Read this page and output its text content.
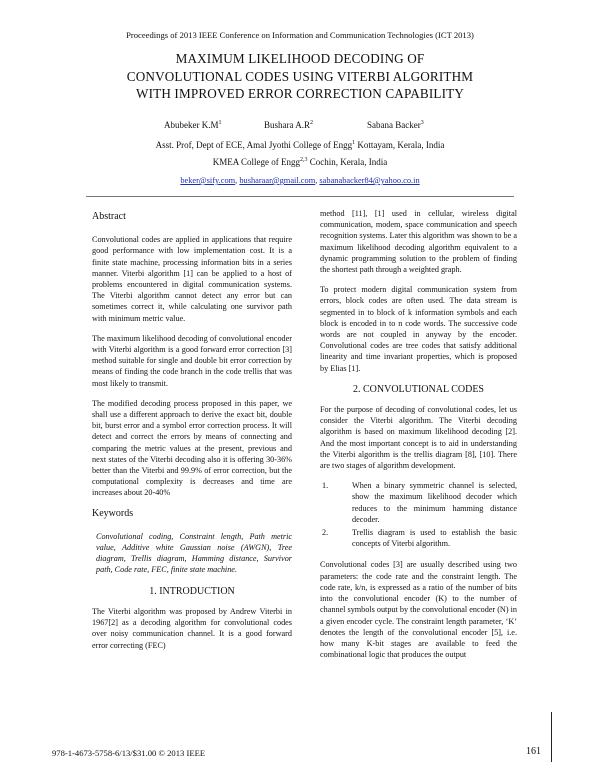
Proceedings of 2013 IEEE Conference on Information and Communication Technologies (ICT 2013)
MAXIMUM LIKELIHOOD DECODING OF
CONVOLUTIONAL CODES USING VITERBI ALGORITHM
WITH IMPROVED ERROR CORRECTION CAPABILITY
Abubeker $K.M^1$	Bushara $A.R^2$	Sabana Backer$^3$
Asst. Prof, Dept of ECE, Amal Jyothi College of Engg$^1$ Kottayam, Kerala, India
KMEA College of Engg$^{2,3}$ Cochin, Kerala, India
beker@sify.com, busharaar@gmail.com, sabanabacker84@yahoo.co.in
Abstract

Convolutional codes are applied in applications that require good performance with low implementation cost. It is a finite state machine, processing information bits in a series manner. Viterbi algorithm [1] can be applied to a host of problems encountered in digital communication systems. The Viterbi algorithm cannot detect any error but can sometimes correct it, while calculating one survivor path with minimum metric value.

The maximum likelihood decoding of convolutional encoder with Viterbi algorithm is a good forward error correction [3] method suitable for single and double bit error correction by means of finding the code branch in the code trellis that was most likely to transmit.

The modified decoding process proposed in this paper, we shall use a different approach to derive the exact bit, double bit, burst error and a symbol error correction process. It will detect and correct the errors by means of connecting and comparing the metric values at the present, previous and next states of the Viterbi decoding also it is offering 30-36% better than the Viterbi and 99.9% of error correction, but the computational complexity is decreases and time are increases about 20-40%

Keywords
Convolutional coding, Constraint length, Path metric value, Additive white Gaussian noise (AWGN), Tree diagram, Trellis diagram, Hamming distance, Survivor path, Code rate, FEC, finite state machine.
1. INTRODUCTION

The Viterbi algorithm was proposed by Andrew Viterbi in 1967[2] as a decoding algorithm for convolutional codes over noisy communication channel. It is a good forward error correcting (FEC)

method [11], [1] used in cellular, wireless digital communication, modem, space communication and speech recognition systems. Later this algorithm was shown to be a maximum likelihood decoding algorithm equivalent to a dynamic programming solution to the problem of finding the shortest path through a weighted graph.

To protect modern digital communication system from errors, block codes are often used. The data stream is segmented in to block of k information symbols and each block is encoded in to n code words. The successive code words are not coupled in anyway by the encoder. Convolutional codes are tree codes that satisfy additional linearity and time invariant properties, which is proposed by Elias [1].

2. CONVOLUTIONAL CODES

For the purpose of decoding of convolutional codes, let us consider the Viterbi algorithm. The Viterbi decoding algorithm is based on maximum likelihood decoding [2]. And the most important concept is to aid in understanding the Viterbi algorithm is the trellis diagram [8], [10]. There are two stages of algorithm development.

1.	When a binary symmetric channel is selected, show the maximum likelihood decoder which reduces to the minimum hamming distance decoder.
2.	Trellis diagram is used to establish the basic concepts of Viterbi algorithm.

Convolutional codes [3] are usually described using two parameters: the code rate and the constraint length. The code rate, k/n, is expressed as a ratio of the number of bits into the convolutional encoder (K) to the number of channel symbols output by the convolutional encoder (N) in a given encoder cycle. The constraint length parameter, ‘K’ denotes the length of the convolutional encoder [5], i.e. how many K-bit stages are available to feed the combinational logic that produces the output

978-1-4673-5758-6/13/$31.00 © 2013 IEEE	161
